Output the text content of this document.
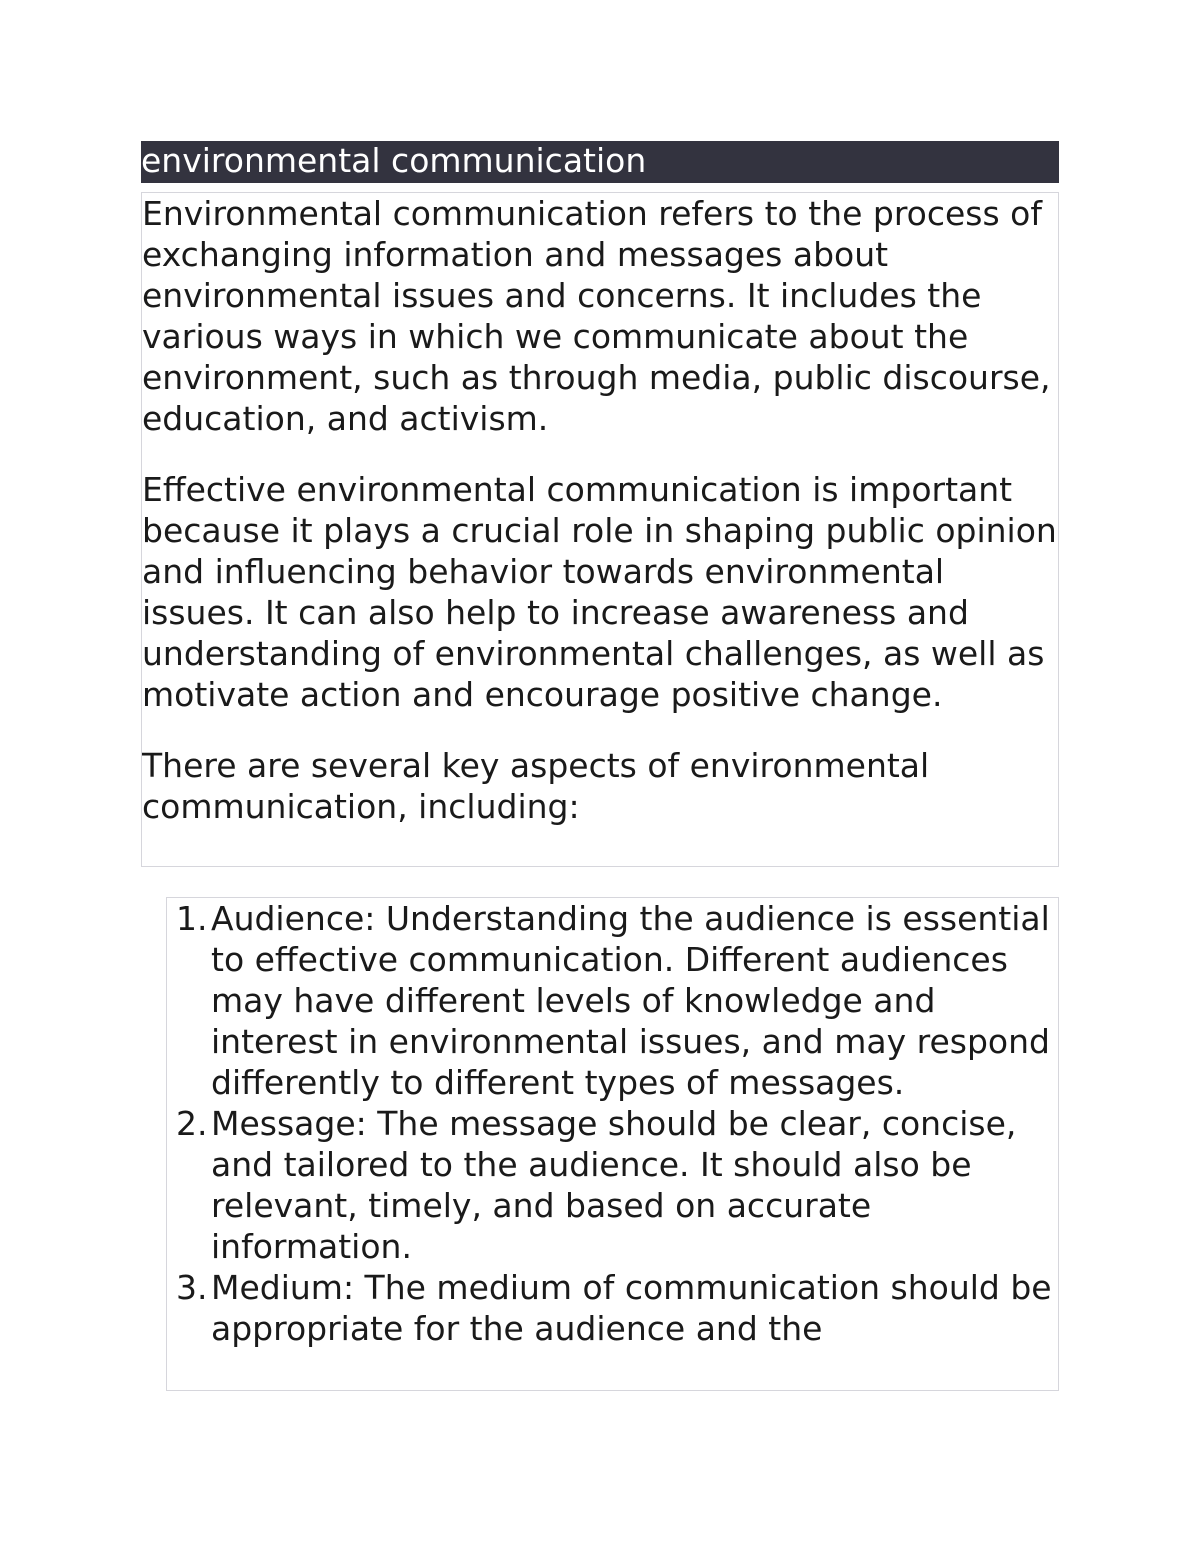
environmental communication

Environmental communication refers to the process of exchanging information and messages about environmental issues and concerns. It includes the various ways in which we communicate about the environment, such as through media, public discourse, education, and activism.

Effective environmental communication is important because it plays a crucial role in shaping public opinion and influencing behavior towards environmental issues. It can also help to increase awareness and understanding of environmental challenges, as well as motivate action and encourage positive change.

There are several key aspects of environmental communication, including:

1. Audience: Understanding the audience is essential to effective communication. Different audiences may have different levels of knowledge and interest in environmental issues, and may respond differently to different types of messages.
2. Message: The message should be clear, concise, and tailored to the audience. It should also be relevant, timely, and based on accurate information.
3. Medium: The medium of communication should be appropriate for the audience and the
